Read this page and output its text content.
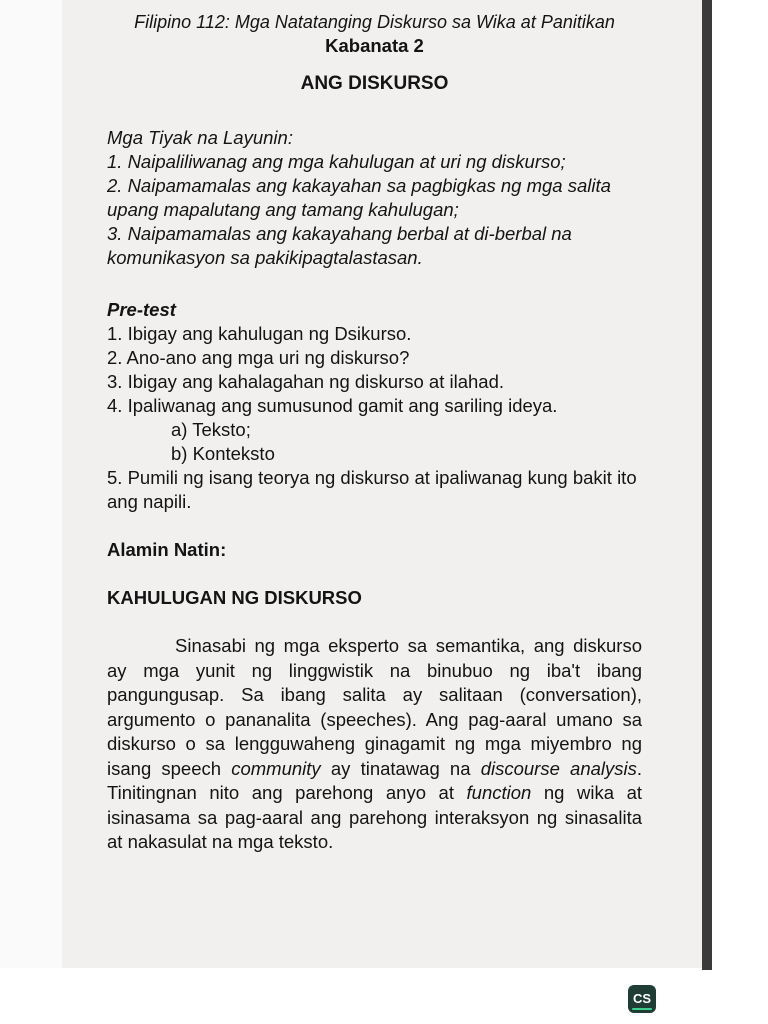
Filipino 112: Mga Natatanging Diskurso sa Wika at Panitikan
Kabanata 2
ANG DISKURSO
Mga Tiyak na Layunin:
1. Naipaliliwanag ang mga kahulugan at uri ng diskurso;
2. Naipamamalas ang kakayahan sa pagbigkas ng mga salita upang mapalutang ang tamang kahulugan;
3. Naipamamalas ang kakayahang berbal at di-berbal na komunikasyon sa pakikipagtalastasan.
Pre-test
1. Ibigay ang kahulugan ng Dsikurso.
2. Ano-ano ang mga uri ng diskurso?
3. Ibigay ang kahalagahan ng diskurso at ilahad.
4. Ipaliwanag ang sumusunod gamit ang sariling ideya.
a) Teksto;
b) Konteksto
5. Pumili ng isang teorya ng diskurso at ipaliwanag kung bakit ito ang napili.
Alamin Natin:
KAHULUGAN NG DISKURSO
Sinasabi ng mga eksperto sa semantika, ang diskurso ay mga yunit ng linggwistik na binubuo ng iba't ibang pangungusap. Sa ibang salita ay salitaan (conversation), argumento o pananalita (speeches). Ang pag-aaral umano sa diskurso o sa lengguwaheng ginagamit ng mga miyembro ng isang speech community ay tinatawag na discourse analysis. Tinitingnan nito ang parehong anyo at function ng wika at isinasama sa pag-aaral ang parehong interaksyon ng sinasalita at nakasulat na mga teksto.
CS
